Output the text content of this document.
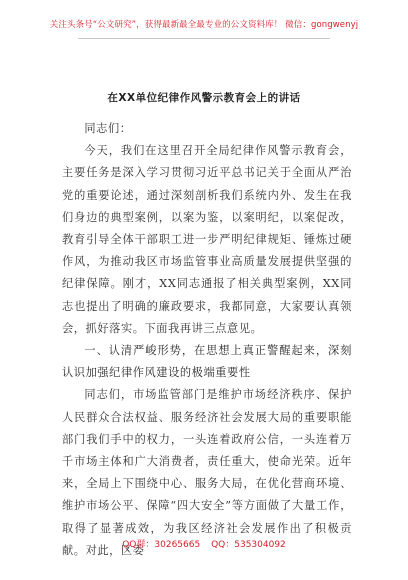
关注头条号“公文研究”，获得最新最全最专业的公文资料库！ 微信：gongwenyj
在XX单位纪律作风警示教育会上的讲话

同志们：

今天，我们在这里召开全局纪律作风警示教育会，主要任务是深入学习贯彻习近平总书记关于全面从严治党的重要论述，通过深刻剖析我们系统内外、发生在我们身边的典型案例，以案为鉴，以案明纪，以案促改，教育引导全体干部职工进一步严明纪律规矩、锤炼过硬作风，为推动我区市场监管事业高质量发展提供坚强的纪律保障。刚才，XX同志通报了相关典型案例，XX同志也提出了明确的廉政要求，我都同意，大家要认真领会，抓好落实。下面我再讲三点意见。

一、认清严峻形势，在思想上真正警醒起来，深刻认识加强纪律作风建设的极端重要性

同志们，市场监管部门是维护市场经济秩序、保护人民群众合法权益、服务经济社会发展大局的重要职能部门我们手中的权力，一头连着政府公信，一头连着万千市场主体和广大消费者，责任重大，使命光荣。近年来，全局上下围绕中心、服务大局，在优化营商环境、维护市场公平、保障“四大安全”等方面做了大量工作，取得了显著成效，为我区经济社会发展作出了积极贡献。对此，区委

QQ群：30265665 QQ：535304092
